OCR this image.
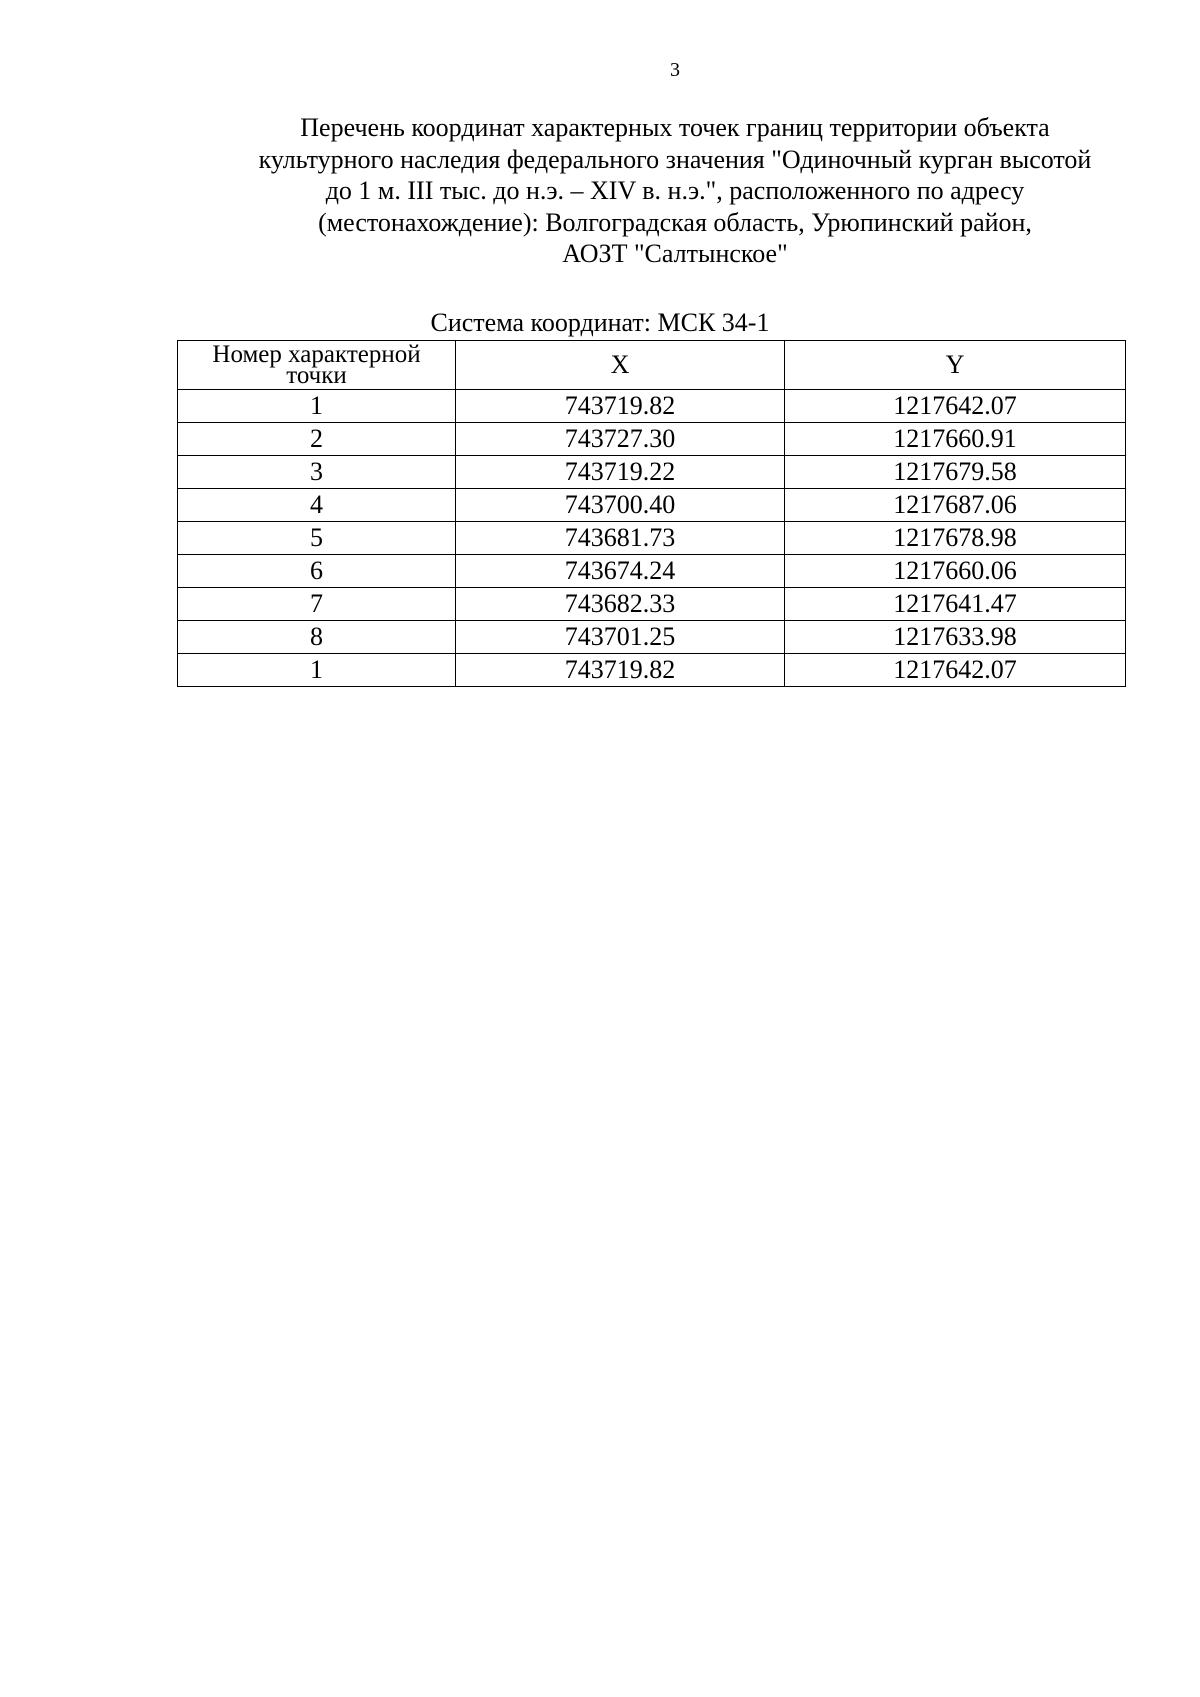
3
Перечень координат характерных точек границ территории объекта
культурного наследия федерального значения "Одиночный курган высотой
до 1 м. III тыс. до н.э. – XIV в. н.э.", расположенного по адресу
(местонахождение): Волгоградская область, Урюпинский район,
АОЗТ "Салтынское"
Система координат: МСК 34-1
Номер характерной
точки	X	Y
1	743719.82	1217642.07
2	743727.30	1217660.91
3	743719.22	1217679.58
4	743700.40	1217687.06
5	743681.73	1217678.98
6	743674.24	1217660.06
7	743682.33	1217641.47
8	743701.25	1217633.98
1	743719.82	1217642.07
